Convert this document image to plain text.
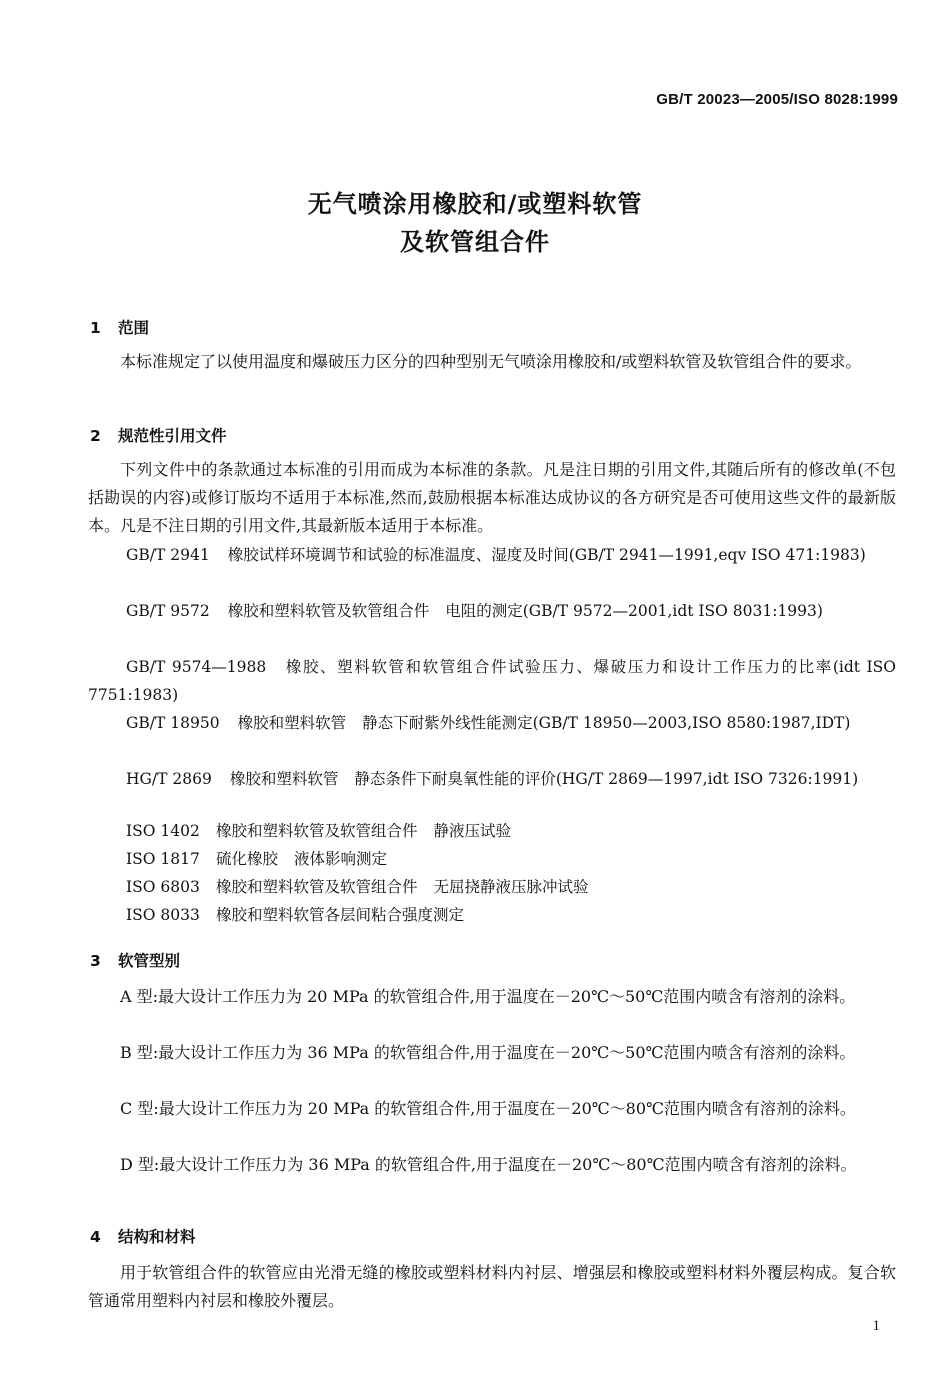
GB/T 20023—2005/ISO 8028:1999
无气喷涂用橡胶和/或塑料软管
及软管组合件
1 范围
本标准规定了以使用温度和爆破压力区分的四种型别无气喷涂用橡胶和/或塑料软管及软管组合件的要求。
2 规范性引用文件
下列文件中的条款通过本标准的引用而成为本标准的条款。凡是注日期的引用文件,其随后所有的修改单(不包括勘误的内容)或修订版均不适用于本标准,然而,鼓励根据本标准达成协议的各方研究是否可使用这些文件的最新版本。凡是不注日期的引用文件,其最新版本适用于本标准。
GB/T 2941 橡胶试样环境调节和试验的标准温度、湿度及时间(GB/T 2941—1991,eqv ISO 471:1983)
GB/T 9572 橡胶和塑料软管及软管组合件 电阻的测定(GB/T 9572—2001,idt ISO 8031:1993)
GB/T 9574—1988 橡胶、塑料软管和软管组合件试验压力、爆破压力和设计工作压力的比率(idt ISO 7751:1983)
GB/T 18950 橡胶和塑料软管 静态下耐紫外线性能测定(GB/T 18950—2003,ISO 8580:1987,IDT)
HG/T 2869 橡胶和塑料软管 静态条件下耐臭氧性能的评价(HG/T 2869—1997,idt ISO 7326:1991)
ISO 1402 橡胶和塑料软管及软管组合件 静液压试验
ISO 1817 硫化橡胶 液体影响测定
ISO 6803 橡胶和塑料软管及软管组合件 无屈挠静液压脉冲试验
ISO 8033 橡胶和塑料软管各层间粘合强度测定
3 软管型别
A 型:最大设计工作压力为 20 MPa 的软管组合件,用于温度在－20℃～50℃范围内喷含有溶剂的涂料。
B 型:最大设计工作压力为 36 MPa 的软管组合件,用于温度在－20℃～50℃范围内喷含有溶剂的涂料。
C 型:最大设计工作压力为 20 MPa 的软管组合件,用于温度在－20℃～80℃范围内喷含有溶剂的涂料。
D 型:最大设计工作压力为 36 MPa 的软管组合件,用于温度在－20℃～80℃范围内喷含有溶剂的涂料。
4 结构和材料
用于软管组合件的软管应由光滑无缝的橡胶或塑料材料内衬层、增强层和橡胶或塑料材料外覆层构成。复合软管通常用塑料内衬层和橡胶外覆层。
1
